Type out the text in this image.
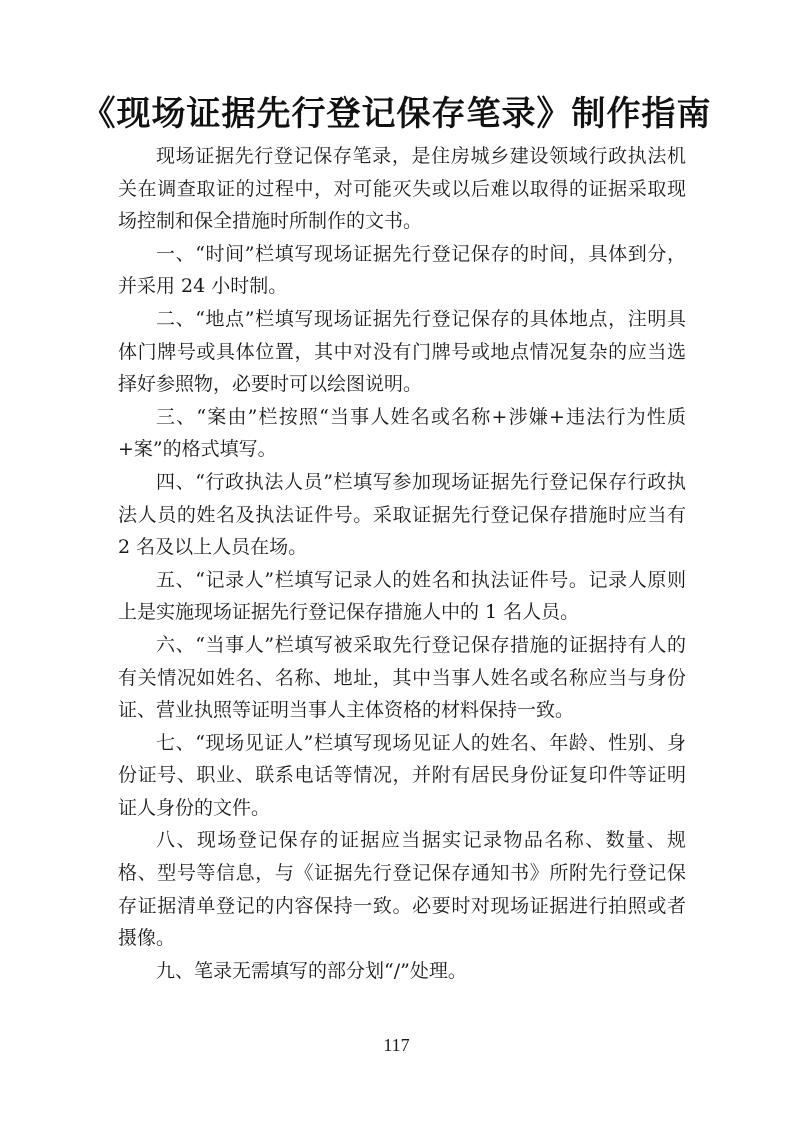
《现场证据先行登记保存笔录》制作指南

现场证据先行登记保存笔录，是住房城乡建设领域行政执法机关在调查取证的过程中，对可能灭失或以后难以取得的证据采取现场控制和保全措施时所制作的文书。

一、“时间”栏填写现场证据先行登记保存的时间，具体到分，并采用 24 小时制。

二、“地点”栏填写现场证据先行登记保存的具体地点，注明具体门牌号或具体位置，其中对没有门牌号或地点情况复杂的应当选择好参照物，必要时可以绘图说明。

三、“案由”栏按照“当事人姓名或名称+涉嫌+违法行为性质+案”的格式填写。

四、“行政执法人员”栏填写参加现场证据先行登记保存行政执法人员的姓名及执法证件号。采取证据先行登记保存措施时应当有 2 名及以上人员在场。

五、“记录人”栏填写记录人的姓名和执法证件号。记录人原则上是实施现场证据先行登记保存措施人中的 1 名人员。

六、“当事人”栏填写被采取先行登记保存措施的证据持有人的有关情况如姓名、名称、地址，其中当事人姓名或名称应当与身份证、营业执照等证明当事人主体资格的材料保持一致。

七、“现场见证人”栏填写现场见证人的姓名、年龄、性别、身份证号、职业、联系电话等情况，并附有居民身份证复印件等证明证人身份的文件。

八、现场登记保存的证据应当据实记录物品名称、数量、规格、型号等信息，与《证据先行登记保存通知书》所附先行登记保存证据清单登记的内容保持一致。必要时对现场证据进行拍照或者摄像。

九、笔录无需填写的部分划“/”处理。

117
